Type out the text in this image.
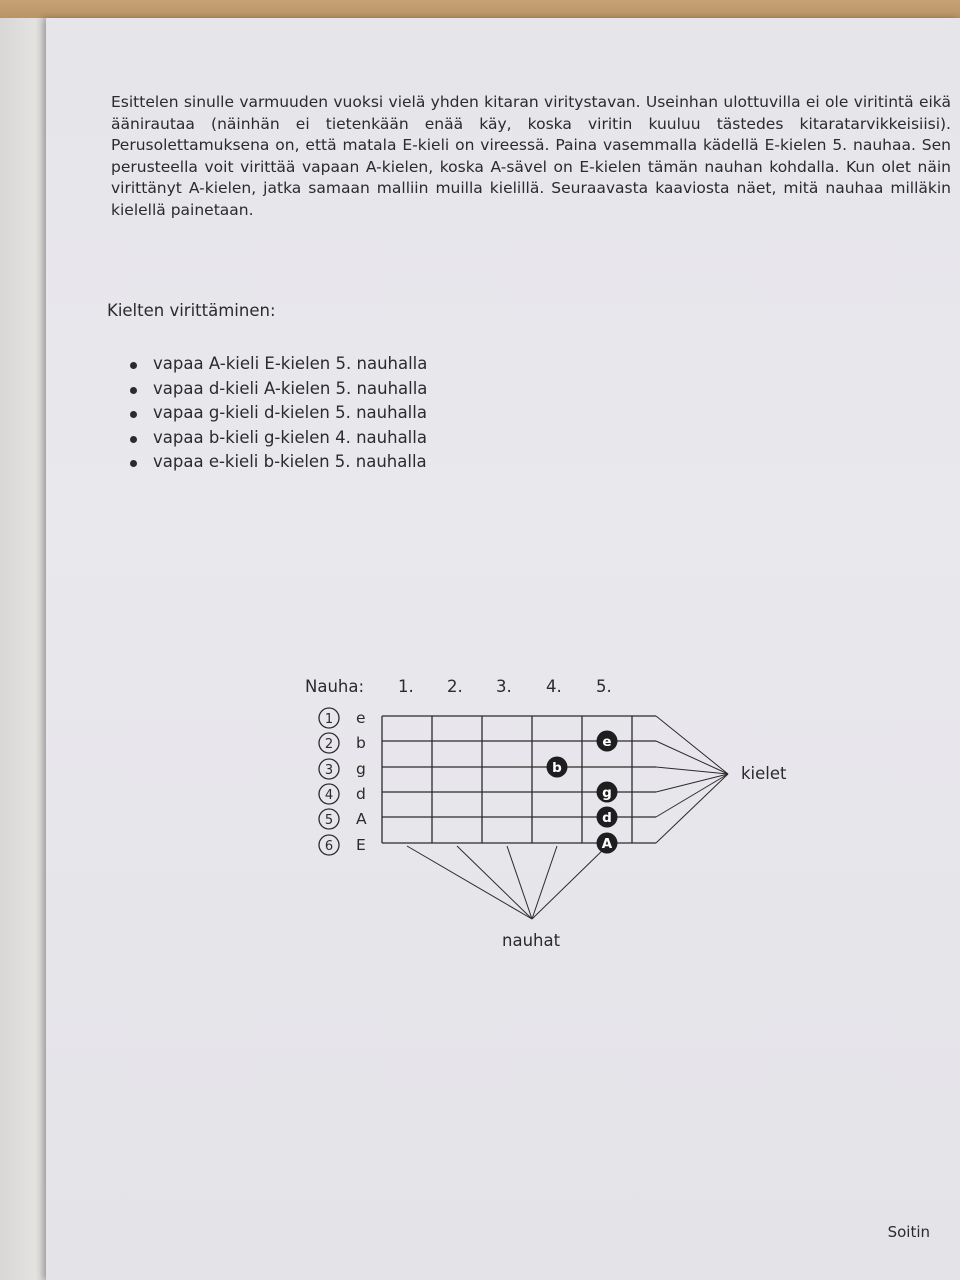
Esittelen sinulle varmuuden vuoksi vielä yhden kitaran viritystavan. Useinhan ulottuvilla ei ole viritintä eikä äänirautaa (näinhän ei tietenkään enää käy, koska viritin kuuluu tästedes kitaratarvikkeisiisi). Perusolettamuksena on, että matala E-kieli on vireessä. Paina vasemmalla kädellä E-kielen 5. nauhaa. Sen perusteella voit virittää vapaan A-kielen, koska A-sävel on E-kielen tämän nauhan kohdalla. Kun olet näin virittänyt A-kielen, jatka samaan malliin muilla kielillä. Seuraavasta kaaviosta näet, mitä nauhaa milläkin kielellä painetaan.

Kielten virittäminen:

vapaa A-kieli E-kielen 5. nauhalla
vapaa d-kieli A-kielen 5. nauhalla
vapaa g-kieli d-kielen 5. nauhalla
vapaa b-kieli g-kielen 4. nauhalla
vapaa e-kieli b-kielen 5. nauhalla
Nauha: 1. 2. 3. 4. 5.
1 e
2 b
3 g
4 d
5 A
6 E
kielet
nauhat
e
b
g
d
A
Soitin
